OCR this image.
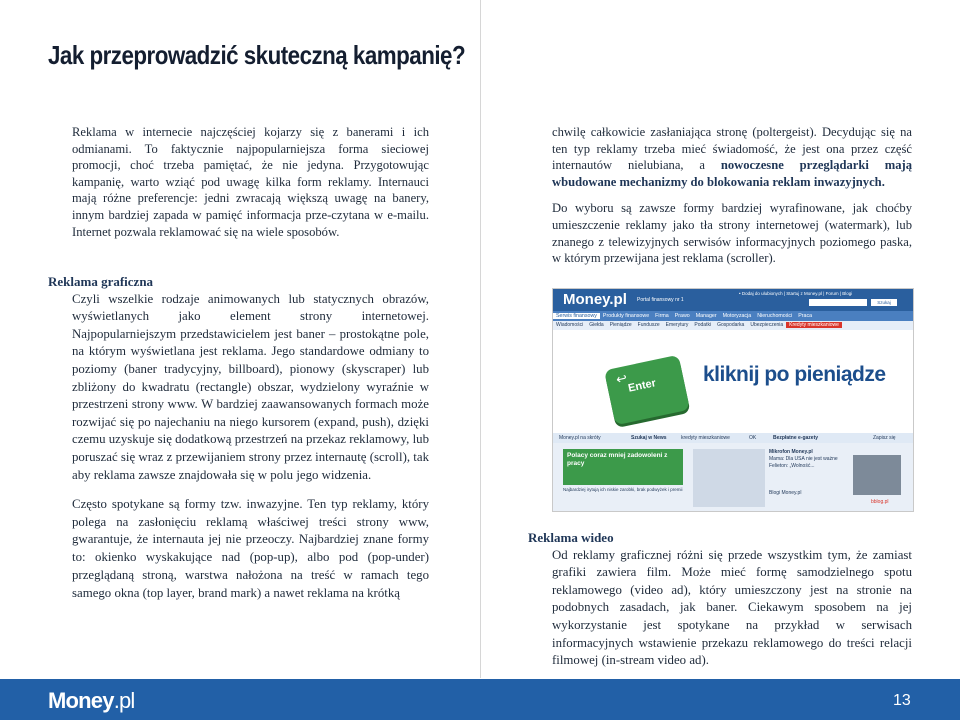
Jak przeprowadzić skuteczną kampanię?

Reklama w internecie najczęściej kojarzy się z banerami i ich odmianami. To faktycznie najpopularniejsza forma sieciowej promocji, choć trzeba pamiętać, że nie jedyna. Przygotowując kampanię, warto wziąć pod uwagę kilka form reklamy. Internauci mają różne preferencje: jedni zwracają większą uwagę na banery, innym bardziej zapada w pamięć informacja prze-czytana w e-mailu. Internet pozwala reklamować się na wiele sposobów.

Reklama graficzna

Czyli wszelkie rodzaje animowanych lub statycznych obrazów, wyświetlanych jako element strony internetowej. Najpopularniejszym przedstawicielem jest baner – prostokątne pole, na którym wyświetlana jest reklama. Jego standardowe odmiany to poziomy (baner tradycyjny, billboard), pionowy (skyscraper) lub zbliżony do kwadratu (rectangle) obszar, wydzielony wyraźnie w przestrzeni strony www. W bardziej zaawansowanych formach może rozwijać się po najechaniu na niego kursorem (expand, push), dzięki czemu uzyskuje się dodatkową przestrzeń na przekaz reklamowy, lub poruszać się wraz z przewijaniem strony przez internautę (scroll), tak aby reklama zawsze znajdowała się w polu jego widzenia.

Często spotykane są formy tzw. inwazyjne. Ten typ reklamy, który polega na zasłonięciu reklamą właściwej treści strony www, gwarantuje, że internauta jej nie przeoczy. Najbardziej znane formy to: okienko wyskakujące nad (pop-up), albo pod (pop-under) przeglądaną stroną, warstwa nałożona na treść w ramach tego samego okna (top layer, brand mark) a nawet reklama na krótką

chwilę całkowicie zasłaniająca stronę (poltergeist). Decydując się na ten typ reklamy trzeba mieć świadomość, że jest ona przez część internautów nielubiana, a nowoczesne przeglądarki mają wbudowane mechanizmy do blokowania reklam inwazyjnych.

Do wyboru są zawsze formy bardziej wyrafinowane, jak choćby umieszczenie reklamy jako tła strony internetowej (watermark), lub znanego z telewizyjnych serwisów informacyjnych poziomego paska, w którym przewijana jest reklama (scroller).

Money.pl Portal finansowy nr 1
• Dodaj do ulubionych | Startuj z Money.pl | Forum | Blogi
Szukaj
Serwis finansowy Produkty finansowe Firma Prawo Manager Motoryzacja Nieruchomości Praca
Wiadomości Giełda Pieniądze Fundusze Emerytury Podatki Gospodarka Ubezpieczenia Kredyty mieszkaniowe
↩
Enter kliknij po pieniądze
Money.pl na skróty	Szukaj w News	kredyty mieszkaniowe	OK	Bezpłatne e-gazety	Zapisz się
Polacy coraz mniej zadowoleni z pracy
Najbardziej irytują ich niskie zarobki, brak podwyżek i premii
Mikrofon Money.pl
Mama: Dla USA nie jest ważne
Felieton: „Wolność...
Blogi Money.pl
bblog.pl

Reklama wideo

Od reklamy graficznej różni się przede wszystkim tym, że zamiast grafiki zawiera film. Może mieć formę samodzielnego spotu reklamowego (video ad), który umieszczony jest na stronie na podobnych zasadach, jak baner. Ciekawym sposobem na jej wykorzystanie jest spotykane na przykład w serwisach informacyjnych wstawienie przekazu reklamowego do treści relacji filmowej (in-stream video ad).

Money.pl	13
